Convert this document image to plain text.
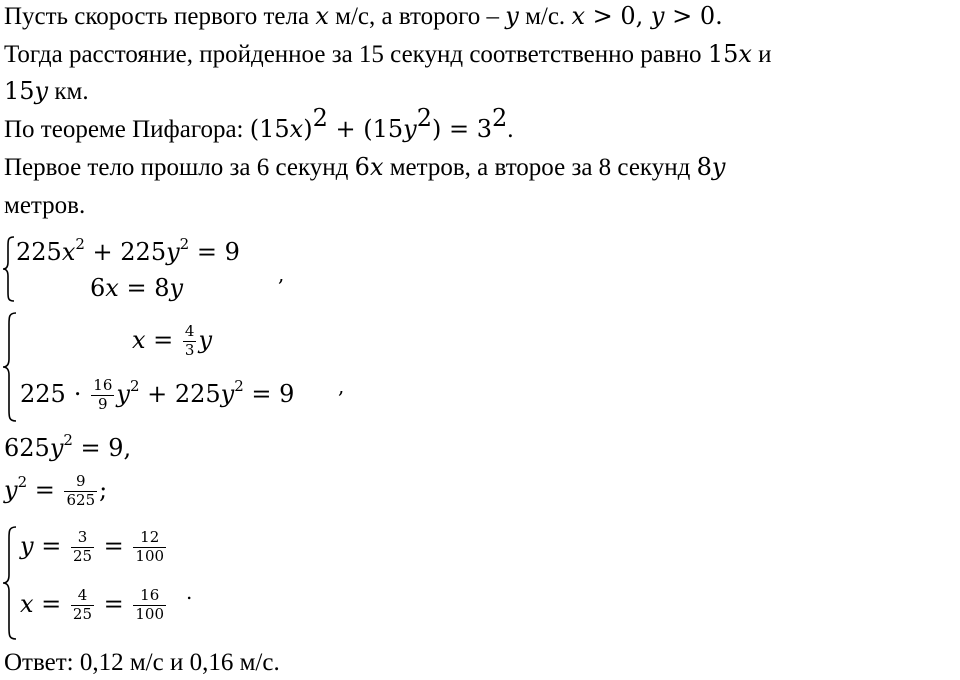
Пусть скорость первого тела x м/с, а второго – y м/с. x > 0, y > 0.
Тогда расстояние, пройденное за 15 секунд соответственно равно 15x и
15y км.
По теореме Пифагора: $(15x)^2 + (15y^2) = 3^2$.
Первое тело прошло за 6 секунд 6x метров, а второе за 8 секунд 8y
метров.
$225x^2 + 225y^2 = 9$
6x = 8y	,
$x = \frac{4}{3}$ y
$225 \cdot \frac{16}{9} y^2 + 225y^2 = 9$ ,
$625y^2 = 9$,
$y^2 = \frac{9}{625}$ ;
$y = \frac{3}{25} = \frac{12}{100}$
$x = \frac{4}{25} = \frac{16}{100}$ .
Ответ: 0,12 м/с и 0,16 м/с.
